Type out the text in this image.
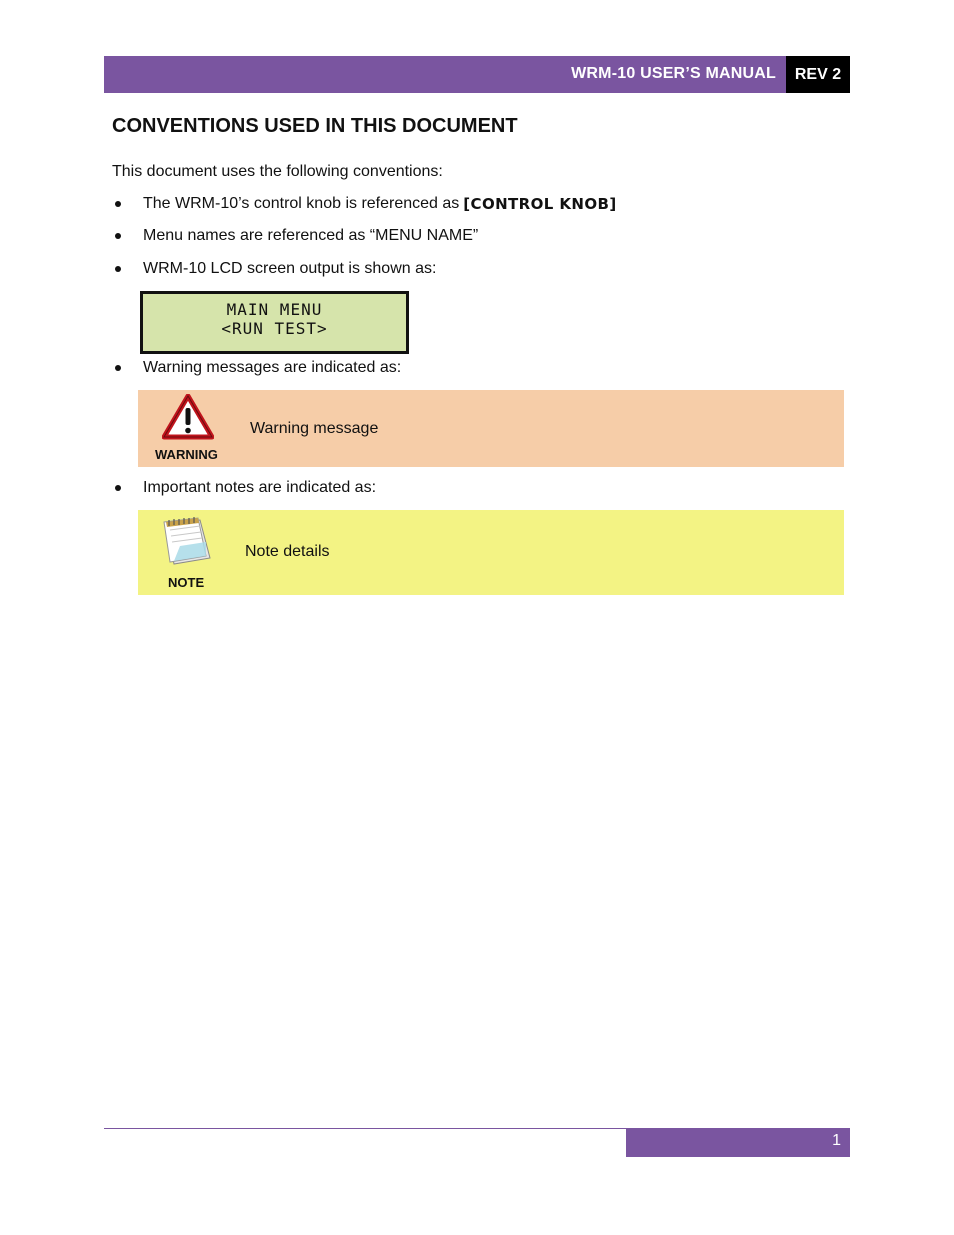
WRM-10 USER’S MANUAL	REV 2
CONVENTIONS USED IN THIS DOCUMENT
This document uses the following conventions:
The WRM-10’s control knob is referenced as [CONTROL KNOB]
Menu names are referenced as “MENU NAME”
WRM-10 LCD screen output is shown as:
MAIN MENU
<RUN TEST>
Warning messages are indicated as:
WARNING
Warning message
Important notes are indicated as:
NOTE
Note details
1
